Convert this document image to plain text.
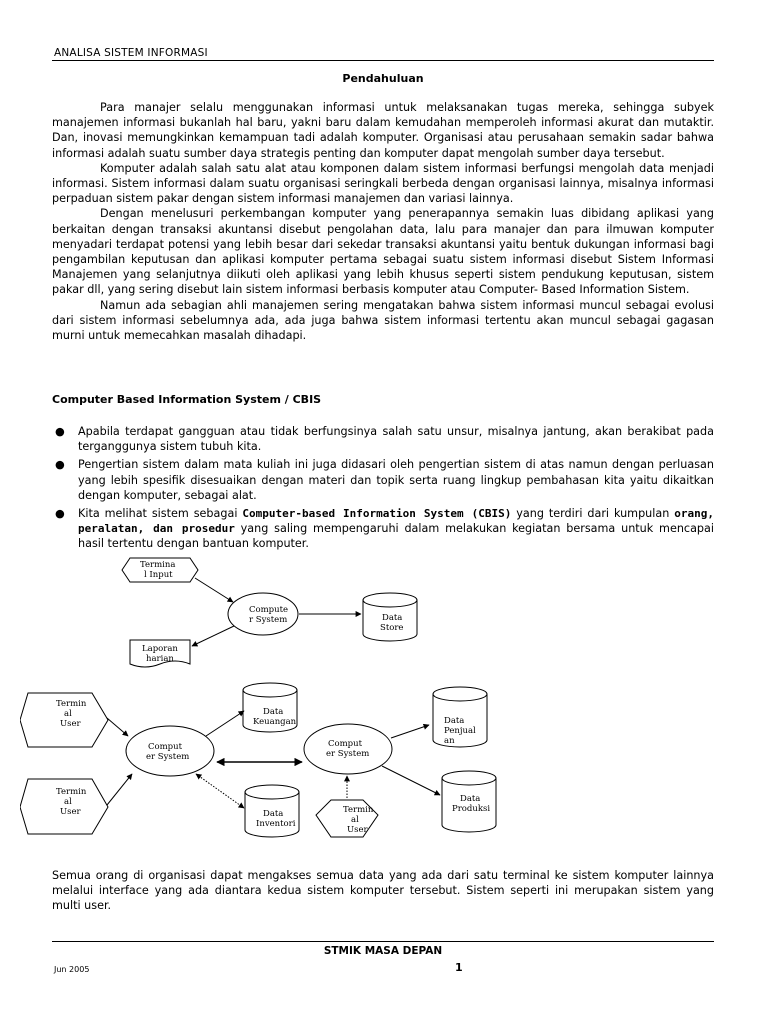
ANALISA SISTEM INFORMASI
Pendahuluan

Para manajer selalu menggunakan informasi untuk melaksanakan tugas mereka, sehingga subyek manajemen informasi bukanlah hal baru, yakni baru dalam kemudahan memperoleh informasi akurat dan mutaktir. Dan, inovasi memungkinkan kemampuan tadi adalah komputer. Organisasi atau perusahaan semakin sadar bahwa informasi adalah suatu sumber daya strategis penting dan komputer dapat mengolah sumber daya tersebut.

Komputer adalah salah satu alat atau komponen dalam sistem informasi berfungsi mengolah data menjadi informasi. Sistem informasi dalam suatu organisasi seringkali berbeda dengan organisasi lainnya, misalnya informasi perpaduan sistem pakar dengan sistem informasi manajemen dan variasi lainnya.

Dengan menelusuri perkembangan komputer yang penerapannya semakin luas dibidang aplikasi yang berkaitan dengan transaksi akuntansi disebut pengolahan data, lalu para manajer dan para ilmuwan komputer menyadari terdapat potensi yang lebih besar dari sekedar transaksi akuntansi yaitu bentuk dukungan informasi bagi pengambilan keputusan dan aplikasi komputer pertama sebagai suatu sistem informasi disebut Sistem Informasi Manajemen yang selanjutnya diikuti oleh aplikasi yang lebih khusus seperti sistem pendukung keputusan, sistem pakar dll, yang sering disebut lain sistem informasi berbasis komputer atau Computer- Based Information Sistem.

Namun ada sebagian ahli manajemen sering mengatakan bahwa sistem informasi muncul sebagai evolusi dari sistem informasi sebelumnya ada, ada juga bahwa sistem informasi tertentu akan muncul sebagai gagasan murni untuk memecahkan masalah dihadapi.

Computer Based Information System / CBIS
● Apabila terdapat gangguan atau tidak berfungsinya salah satu unsur, misalnya jantung, akan berakibat pada terganggunya sistem tubuh kita.
● Pengertian sistem dalam mata kuliah ini juga didasari oleh pengertian sistem di atas namun dengan perluasan yang lebih spesifik disesuaikan dengan materi dan topik serta ruang lingkup pembahasan kita yaitu dikaitkan dengan komputer, sebagai alat.
● Kita melihat sistem sebagai Computer-based Information System (CBIS) yang terdiri dari kumpulan orang, peralatan, dan prosedur yang saling mempengaruhi dalam melakukan kegiatan bersama untuk mencapai hasil tertentu dengan bantuan komputer.
Termina
l Input
Compute
r System	Data
Store
Laporan
harian
Termin
al
User
Termin
al
User
Comput
er System
Comput
er System
Data
Keuangan
Data
Inventori
Termin
al
User
Data
Penjual
an
Data
Produksi

Semua orang di organisasi dapat mengakses semua data yang ada dari satu terminal ke sistem komputer lainnya melalui interface yang ada diantara kedua sistem komputer tersebut. Sistem seperti ini merupakan sistem yang multi user.

STMIK MASA DEPAN
Jun 2005	1
